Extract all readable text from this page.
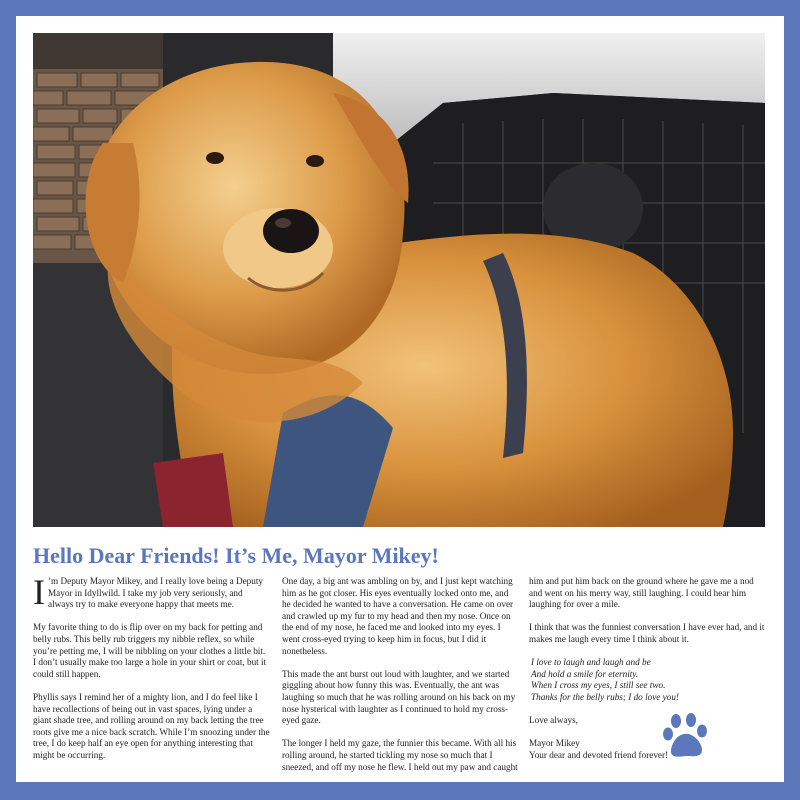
Hello Dear Friends! It’s Me, Mayor Mikey!

I ’m Deputy Mayor Mikey, and I really love being a Deputy Mayor in Idyllwild. I take my job very seriously, and always try to make everyone happy that meets me.

My favorite thing to do is flip over on my back for petting and belly rubs. This belly rub triggers my nibble reflex, so while you’re petting me, I will be nibbling on your clothes a little bit. I don’t usually make too large a hole in your shirt or coat, but it could still happen.

Phyllis says I remind her of a mighty lion, and I do feel like I have recollections of being out in vast spaces, lying under a giant shade tree, and rolling around on my back letting the tree roots give me a nice back scratch. While I’m snoozing under the tree, I do keep half an eye open for anything interesting that might be occurring.

One day, a big ant was ambling on by, and I just kept watching him as he got closer. His eyes eventually locked onto me, and he decided he wanted to have a conversation. He came on over and crawled up my fur to my head and then my nose. Once on the end of my nose, he faced me and looked into my eyes. I went cross-eyed trying to keep him in focus, but I did it nonetheless.

This made the ant burst out loud with laughter, and we started giggling about how funny this was. Eventually, the ant was laughing so much that he was rolling around on his back on my nose hysterical with laughter as I continued to hold my cross-eyed gaze.

The longer I held my gaze, the funnier this became. With all his rolling around, he started tickling my nose so much that I sneezed, and off my nose he flew. I held out my paw and caught

him and put him back on the ground where he gave me a nod and went on his merry way, still laughing. I could hear him laughing for over a mile.

I think that was the funniest conversation I have ever had, and it makes me laugh every time I think about it.

I love to laugh and laugh and be
And hold a smile for eternity.
When I cross my eyes, I still see two.
Thanks for the belly rubs; I do love you!

Love always,

Mayor Mikey
Your dear and devoted friend forever!
